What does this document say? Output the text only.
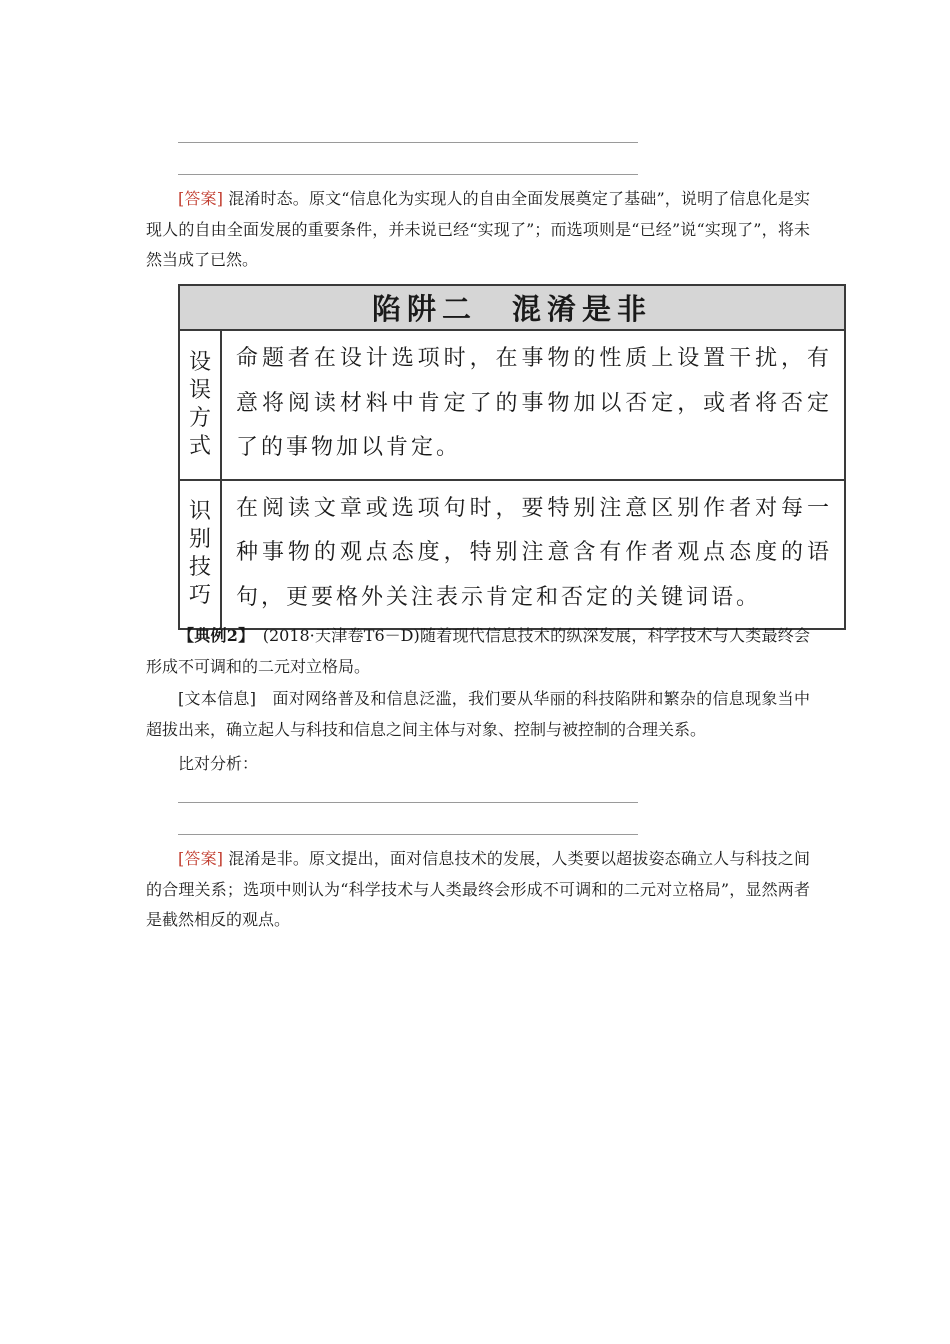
[答案] 混淆时态。原文“信息化为实现人的自由全面发展奠定了基础”，说明了信息化是实现人的自由全面发展的重要条件，并未说已经“实现了”；而选项则是“已经”说“实现了”，将未然当成了已然。

陷阱二　混淆是非	

设
误
方
式	命题者在设计选项时，在事物的性质上设置干扰，有意将阅读材料中肯定了的事物加以否定，或者将否定了的事物加以肯定。

识
别
技
巧	在阅读文章或选项句时，要特别注意区别作者对每一种事物的观点态度，特别注意含有作者观点态度的语句，更要格外关注表示肯定和否定的关键词语。

【典例2】　(2018·天津卷T6－D)随着现代信息技术的纵深发展，科学技术与人类最终会形成不可调和的二元对立格局。

[文本信息]　面对网络普及和信息泛滥，我们要从华丽的科技陷阱和繁杂的信息现象当中超拔出来，确立起人与科技和信息之间主体与对象、控制与被控制的合理关系。

比对分析：

[答案] 混淆是非。原文提出，面对信息技术的发展，人类要以超拔姿态确立人与科技之间的合理关系；选项中则认为“科学技术与人类最终会形成不可调和的二元对立格局”，显然两者是截然相反的观点。
